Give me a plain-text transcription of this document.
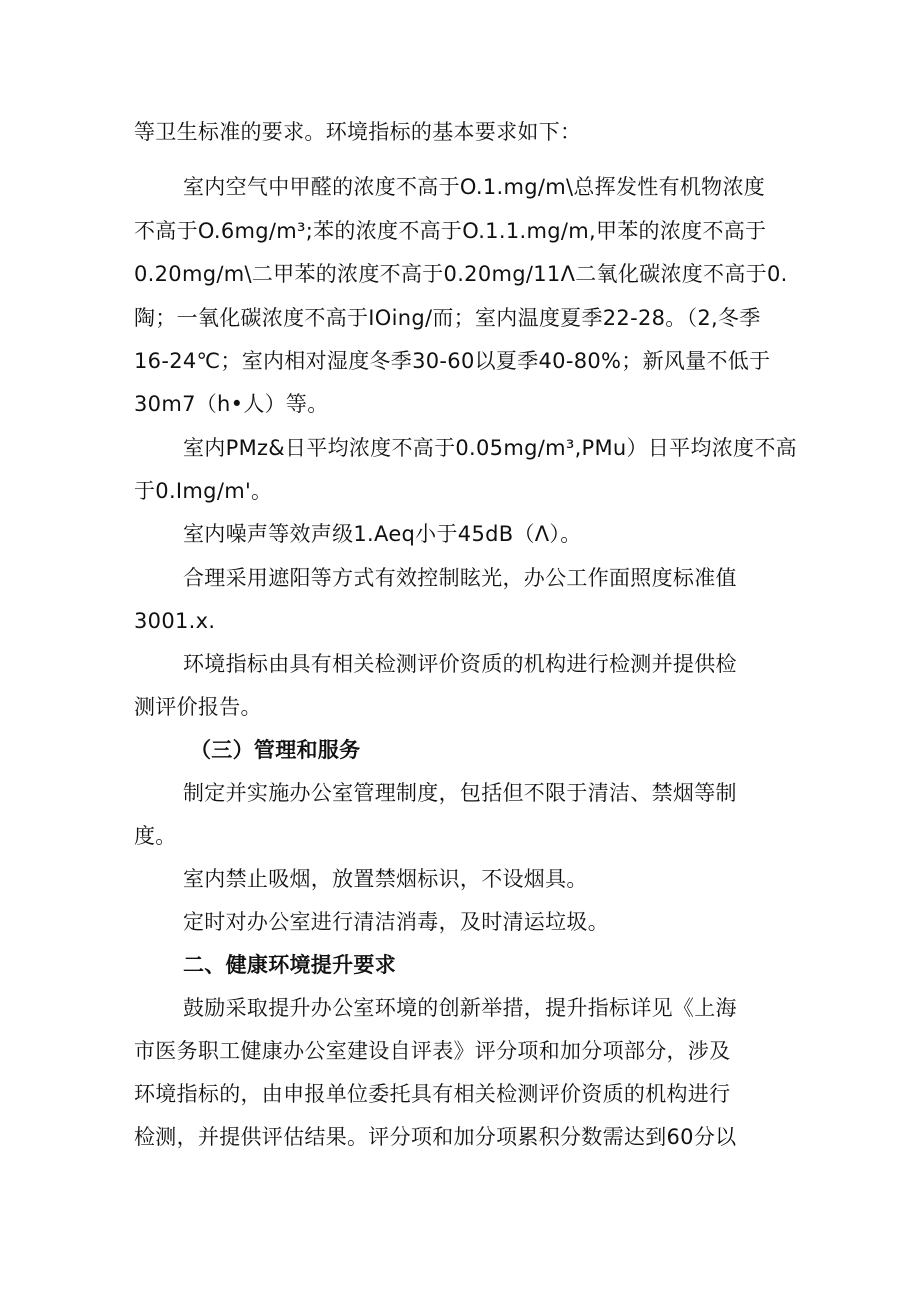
等卫生标准的要求。环境指标的基本要求如下：
室内空气中甲醛的浓度不高于O.1.mg∕m\总挥发性有机物浓度
不高于O.6mg∕m³;苯的浓度不高于O.1.1.mg/m,甲苯的浓度不高于
0.20mg∕m\二甲苯的浓度不高于0.20mg∕11Λ二氧化碳浓度不高于0.
陶；一氧化碳浓度不高于IOing/而；室内温度夏季22-28。（2,冬季
16-24℃；室内相对湿度冬季30-60以夏季40-80%；新风量不低于
30m7（h•人）等。
室内PMz&日平均浓度不高于0.05mg∕m³,PMu）日平均浓度不高
于0.Img/m'。
室内噪声等效声级1.Aeq小于45dB（Λ）。
合理采用遮阳等方式有效控制眩光，办公工作面照度标准值
3001.x.
环境指标由具有相关检测评价资质的机构进行检测并提供检
测评价报告。
（三）管理和服务
制定并实施办公室管理制度，包括但不限于清洁、禁烟等制
度。
室内禁止吸烟，放置禁烟标识，不设烟具。
定时对办公室进行清洁消毒，及时清运垃圾。
二、健康环境提升要求
鼓励采取提升办公室环境的创新举措，提升指标详见《上海
市医务职工健康办公室建设自评表》评分项和加分项部分，涉及
环境指标的，由申报单位委托具有相关检测评价资质的机构进行
检测，并提供评估结果。评分项和加分项累积分数需达到60分以
